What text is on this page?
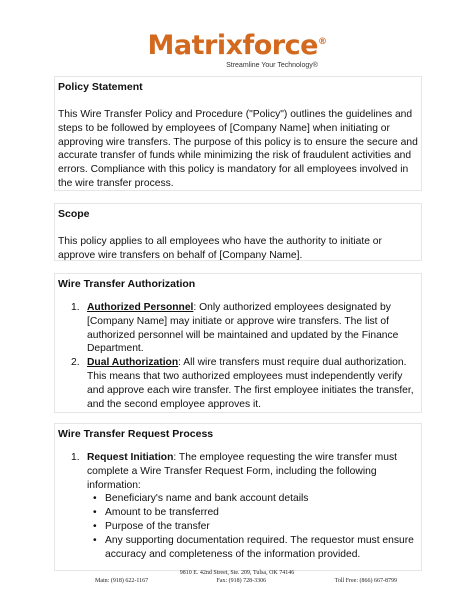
Matrixforce®
Streamline Your Technology®
Policy Statement
This Wire Transfer Policy and Procedure ("Policy") outlines the guidelines and steps to be followed by employees of [Company Name] when initiating or approving wire transfers. The purpose of this policy is to ensure the secure and accurate transfer of funds while minimizing the risk of fraudulent activities and errors. Compliance with this policy is mandatory for all employees involved in the wire transfer process.
Scope
This policy applies to all employees who have the authority to initiate or approve wire transfers on behalf of [Company Name].
Wire Transfer Authorization
1. Authorized Personnel: Only authorized employees designated by [Company Name] may initiate or approve wire transfers. The list of authorized personnel will be maintained and updated by the Finance Department.
2. Dual Authorization: All wire transfers must require dual authorization. This means that two authorized employees must independently verify and approve each wire transfer. The first employee initiates the transfer, and the second employee approves it.
Wire Transfer Request Process
1. Request Initiation: The employee requesting the wire transfer must complete a Wire Transfer Request Form, including the following information:
• Beneficiary's name and bank account details
• Amount to be transferred
• Purpose of the transfer
• Any supporting documentation required. The requestor must ensure accuracy and completeness of the information provided.
9810 E. 42nd Street, Ste. 209, Tulsa, OK 74146
Main: (918) 622-1167	Fax: (918) 728-3306	Toll Free: (866) 667-8799
